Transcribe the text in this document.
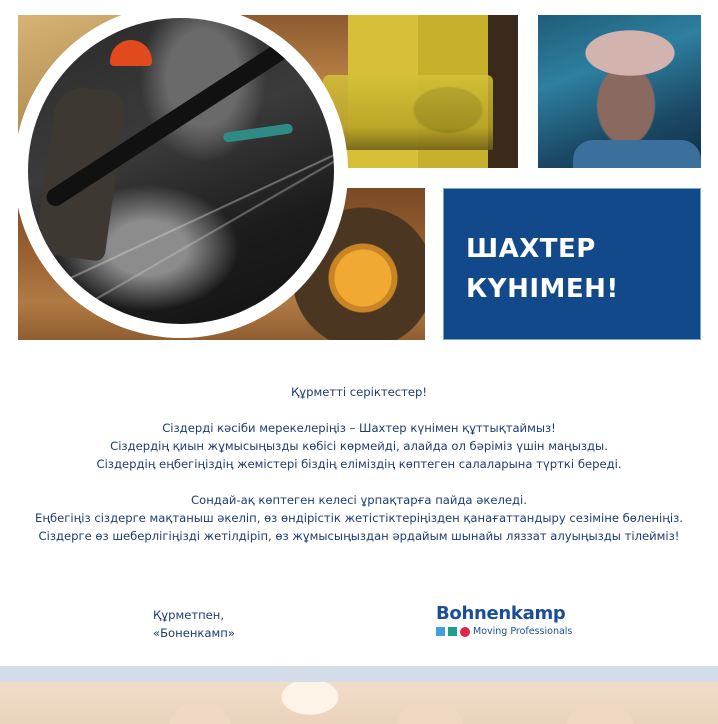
ШАХТЕР
КҮНІМЕН!

Құрметті серіктестер!

Сіздерді кәсіби мерекелеріңіз – Шахтер күнімен құттықтаймыз!

Сіздердің қиын жұмысыңызды көбісі көрмейді, алайда ол бәріміз үшін маңызды.

Сіздердің еңбегіңіздің жемістері біздің еліміздің көптеген салаларына түрткі береді.

Сондай-ақ көптеген келесі ұрпақтарға пайда әкеледі.

Еңбегіңіз сіздерге мақтаныш әкеліп, өз өндірістік жетістіктеріңізден қанағаттандыру сезіміне бөленіңіз.

Сіздерге өз шеберлігіңізді жетілдіріп, өз жұмысыңыздан әрдайым шынайы ляззат алуыңызды тілейміз!

Құрметпен,
«Боненкамп»
Bohnenkamp
Moving Professionals
